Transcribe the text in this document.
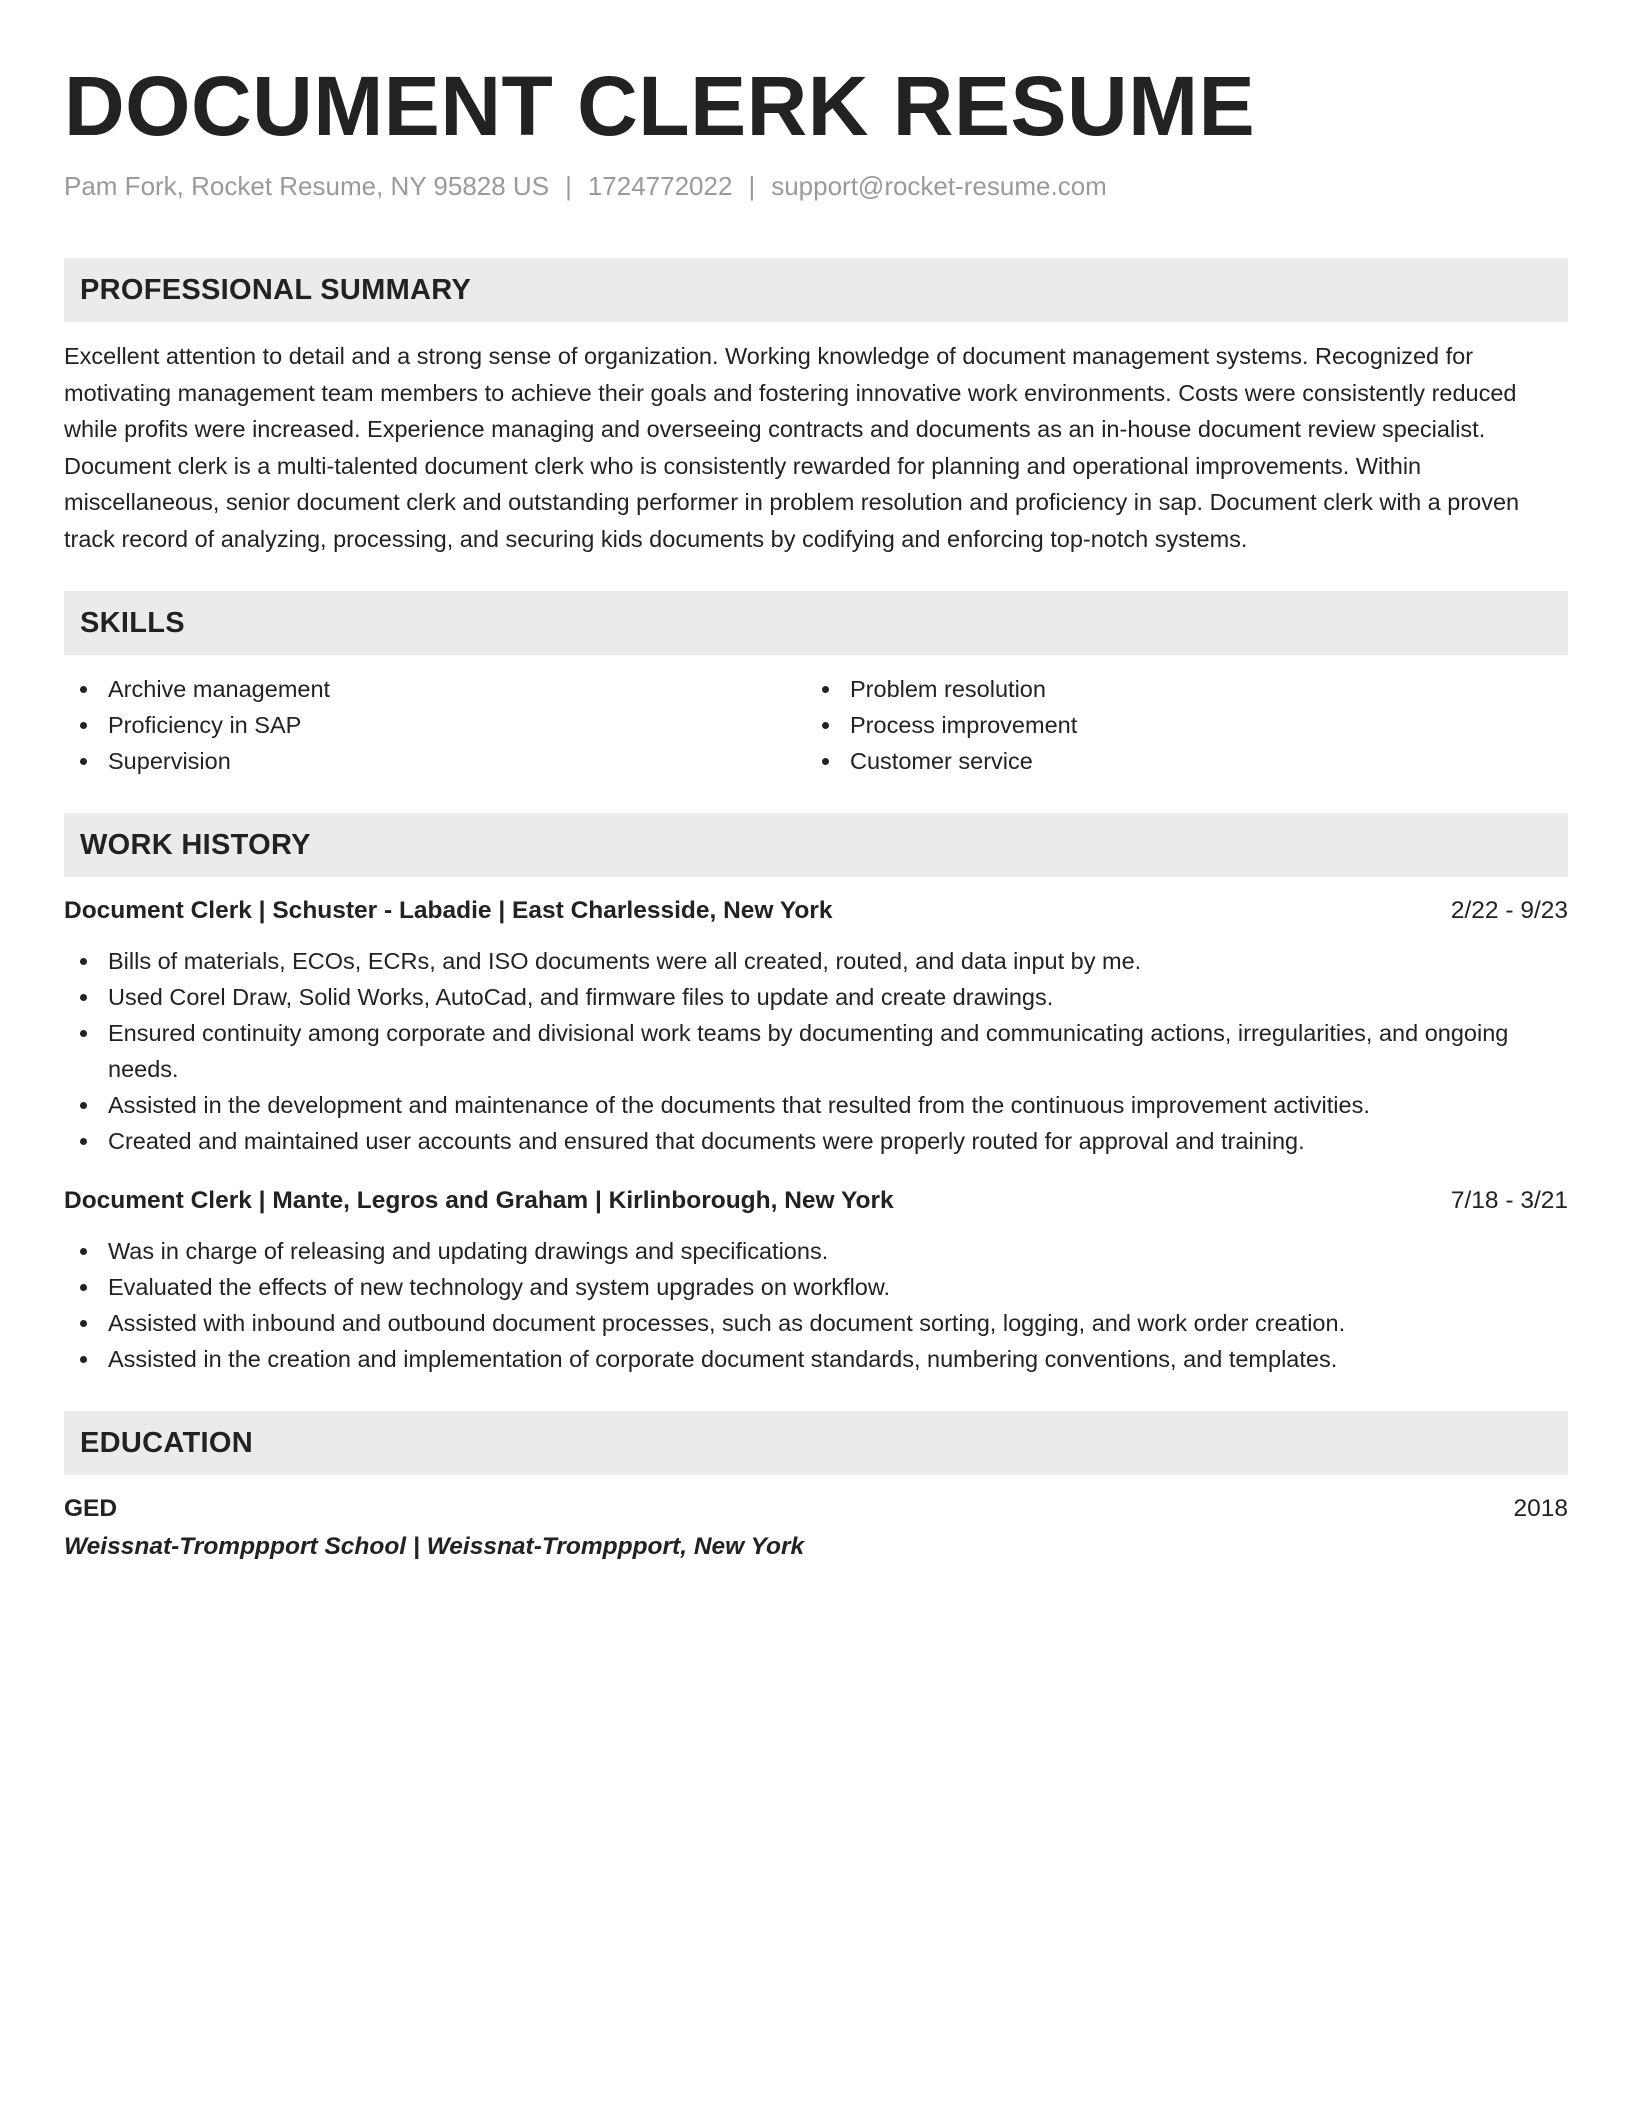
DOCUMENT CLERK RESUME
Pam Fork, Rocket Resume, NY 95828 US | 1724772022 | support@rocket-resume.com
PROFESSIONAL SUMMARY
Excellent attention to detail and a strong sense of organization. Working knowledge of document management systems. Recognized for motivating management team members to achieve their goals and fostering innovative work environments. Costs were consistently reduced while profits were increased. Experience managing and overseeing contracts and documents as an in-house document review specialist. Document clerk is a multi-talented document clerk who is consistently rewarded for planning and operational improvements. Within miscellaneous, senior document clerk and outstanding performer in problem resolution and proficiency in sap. Document clerk with a proven track record of analyzing, processing, and securing kids documents by codifying and enforcing top-notch systems.
SKILLS
Archive management
Proficiency in SAP
Supervision
Problem resolution
Process improvement
Customer service
WORK HISTORY
Document Clerk | Schuster - Labadie | East Charlesside, New York	2/22 - 9/23
Bills of materials, ECOs, ECRs, and ISO documents were all created, routed, and data input by me.
Used Corel Draw, Solid Works, AutoCad, and firmware files to update and create drawings.
Ensured continuity among corporate and divisional work teams by documenting and communicating actions, irregularities, and ongoing needs.
Assisted in the development and maintenance of the documents that resulted from the continuous improvement activities.
Created and maintained user accounts and ensured that documents were properly routed for approval and training.
Document Clerk | Mante, Legros and Graham | Kirlinborough, New York	7/18 - 3/21
Was in charge of releasing and updating drawings and specifications.
Evaluated the effects of new technology and system upgrades on workflow.
Assisted with inbound and outbound document processes, such as document sorting, logging, and work order creation.
Assisted in the creation and implementation of corporate document standards, numbering conventions, and templates.
EDUCATION
GED	2018
Weissnat-Tromppport School | Weissnat-Tromppport, New York
